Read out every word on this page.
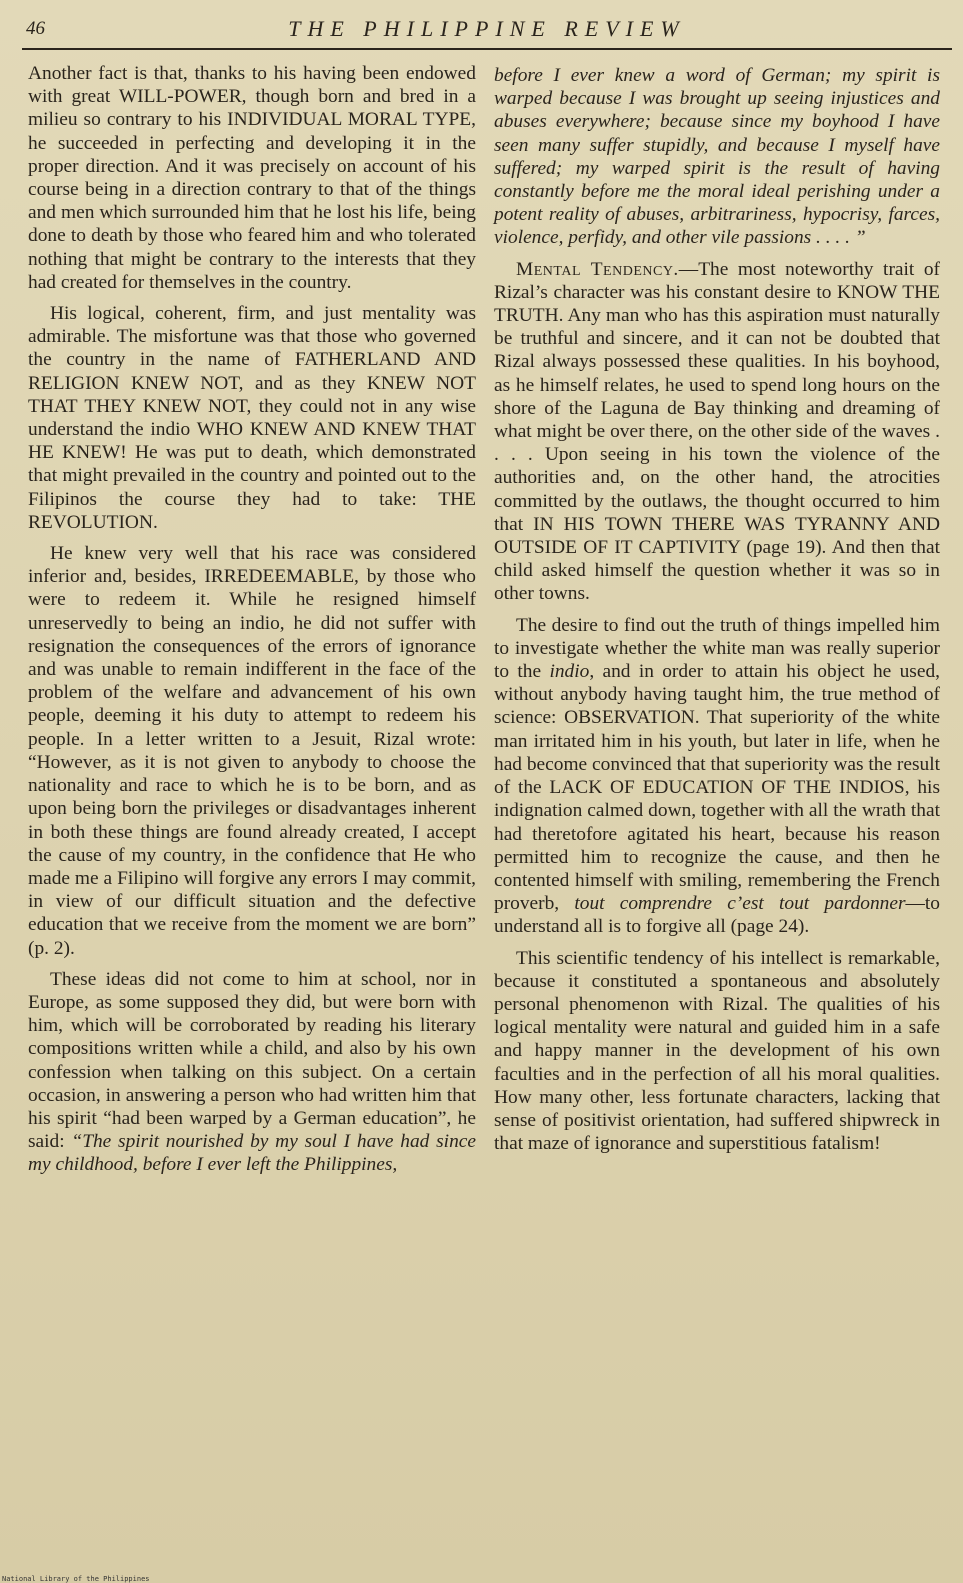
46	THE PHILIPPINE REVIEW

Another fact is that, thanks to his having been endowed with great WILL-POWER, though born and bred in a milieu so contrary to his INDIVIDUAL MORAL TYPE, he succeeded in perfecting and developing it in the proper direction. And it was precisely on account of his course being in a direction contrary to that of the things and men which surrounded him that he lost his life, being done to death by those who feared him and who tolerated nothing that might be contrary to the interests that they had created for themselves in the country.

His logical, coherent, firm, and just mentality was admirable. The misfortune was that those who governed the country in the name of FATHERLAND AND RELIGION KNEW NOT, and as they KNEW NOT THAT THEY KNEW NOT, they could not in any wise understand the indio WHO KNEW AND KNEW THAT HE KNEW! He was put to death, which demonstrated that might prevailed in the country and pointed out to the Filipinos the course they had to take: THE REVOLUTION.

He knew very well that his race was considered inferior and, besides, IRREDEEMABLE, by those who were to redeem it. While he resigned himself unreservedly to being an indio, he did not suffer with resignation the consequences of the errors of ignorance and was unable to remain indifferent in the face of the problem of the welfare and advancement of his own people, deeming it his duty to attempt to redeem his people. In a letter written to a Jesuit, Rizal wrote: “However, as it is not given to anybody to choose the nationality and race to which he is to be born, and as upon being born the privileges or disadvantages inherent in both these things are found already created, I accept the cause of my country, in the confidence that He who made me a Filipino will forgive any errors I may commit, in view of our difficult situation and the defective education that we receive from the moment we are born” (p. 2).

These ideas did not come to him at school, nor in Europe, as some supposed they did, but were born with him, which will be corroborated by reading his literary compositions written while a child, and also by his own confession when talking on this subject. On a certain occasion, in answering a person who had written him that his spirit “had been warped by a German education”, he said: “The spirit nourished by my soul I have had since my childhood, before I ever left the Philippines,

before I ever knew a word of German; my spirit is warped because I was brought up seeing injustices and abuses everywhere; because since my boyhood I have seen many suffer stupidly, and because I myself have suffered; my warped spirit is the result of having constantly before me the moral ideal perishing under a potent reality of abuses, arbitrariness, hypocrisy, farces, violence, perfidy, and other vile passions . . . . ”

Mental Tendency.—The most noteworthy trait of Rizal’s character was his constant desire to KNOW THE TRUTH. Any man who has this aspiration must naturally be truthful and sincere, and it can not be doubted that Rizal always possessed these qualities. In his boyhood, as he himself relates, he used to spend long hours on the shore of the Laguna de Bay thinking and dreaming of what might be over there, on the other side of the waves . . . . Upon seeing in his town the violence of the authorities and, on the other hand, the atrocities committed by the outlaws, the thought occurred to him that IN HIS TOWN THERE WAS TYRANNY AND OUTSIDE OF IT CAPTIVITY (page 19). And then that child asked himself the question whether it was so in other towns.

The desire to find out the truth of things impelled him to investigate whether the white man was really superior to the indio, and in order to attain his object he used, without anybody having taught him, the true method of science: OBSERVATION. That superiority of the white man irritated him in his youth, but later in life, when he had become convinced that that superiority was the result of the LACK OF EDUCATION OF THE INDIOS, his indignation calmed down, together with all the wrath that had theretofore agitated his heart, because his reason permitted him to recognize the cause, and then he contented himself with smiling, remembering the French proverb, tout comprendre c’est tout pardonner—to understand all is to forgive all (page 24).

This scientific tendency of his intellect is remarkable, because it constituted a spontaneous and absolutely personal phenomenon with Rizal. The qualities of his logical mentality were natural and guided him in a safe and happy manner in the development of his own faculties and in the perfection of all his moral qualities. How many other, less fortunate characters, lacking that sense of positivist orientation, had suffered shipwreck in that maze of ignorance and superstitious fatalism!

National Library of the Philippines
